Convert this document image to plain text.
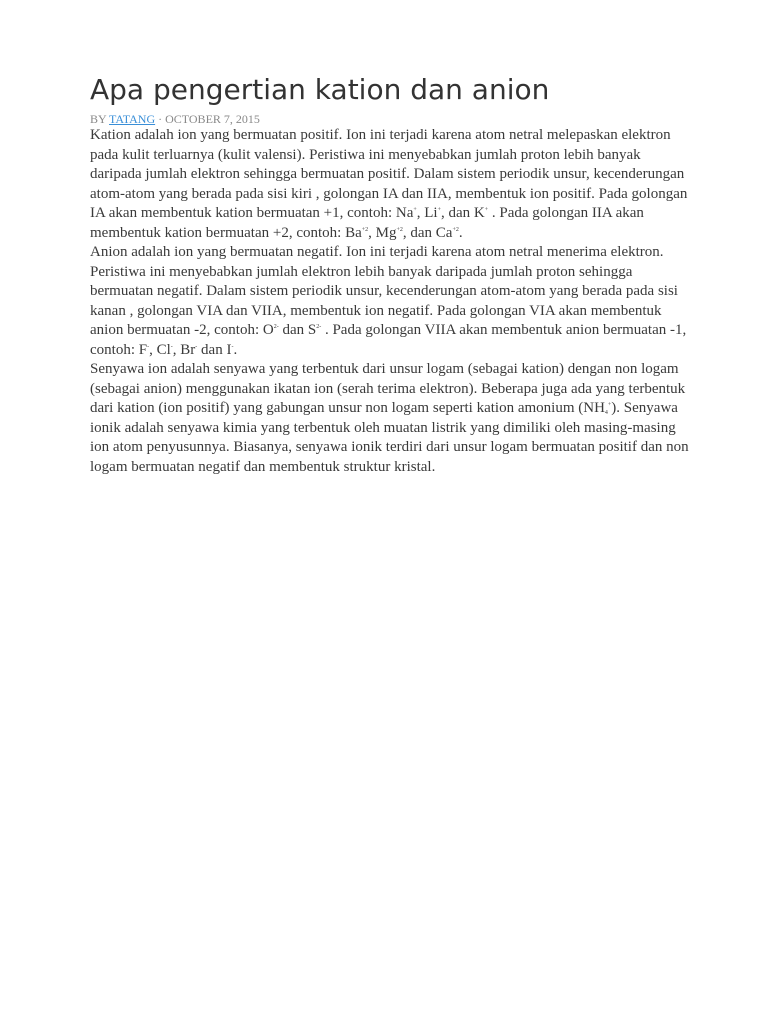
Apa pengertian kation dan anion
BY TATANG · OCTOBER 7, 2015

Kation adalah ion yang bermuatan positif. Ion ini terjadi karena atom netral melepaskan elektron pada kulit terluarnya (kulit valensi). Peristiwa ini menyebabkan jumlah proton lebih banyak daripada jumlah elektron sehingga bermuatan positif. Dalam sistem periodik unsur, kecenderungan atom-atom yang berada pada sisi kiri , golongan IA dan IIA, membentuk ion positif. Pada golongan IA akan membentuk kation bermuatan +1, contoh: Na+, Li+, dan K+ . Pada golongan IIA akan membentuk kation bermuatan +2, contoh: $Ba^{+2}$, $Mg^{+2}$, dan $Ca^{+2}$.

Anion adalah ion yang bermuatan negatif. Ion ini terjadi karena atom netral menerima elektron. Peristiwa ini menyebabkan jumlah elektron lebih banyak daripada jumlah proton sehingga bermuatan negatif. Dalam sistem periodik unsur, kecenderungan atom-atom yang berada pada sisi kanan , golongan VIA dan VIIA, membentuk ion negatif. Pada golongan VIA akan membentuk anion bermuatan -2, contoh: $O^{2-}$ dan $S^{2-}$ . Pada golongan VIIA akan membentuk anion bermuatan -1, contoh: F-, Cl-, Br- dan I-.

Senyawa ion adalah senyawa yang terbentuk dari unsur logam (sebagai kation) dengan non logam (sebagai anion) menggunakan ikatan ion (serah terima elektron). Beberapa juga ada yang terbentuk dari kation (ion positif) yang gabungan unsur non logam seperti kation amonium $(NH_4^+)$. Senyawa ionik adalah senyawa kimia yang terbentuk oleh muatan listrik yang dimiliki oleh masing-masing ion atom penyusunnya. Biasanya, senyawa ionik terdiri dari unsur logam bermuatan positif dan non logam bermuatan negatif dan membentuk struktur kristal.
